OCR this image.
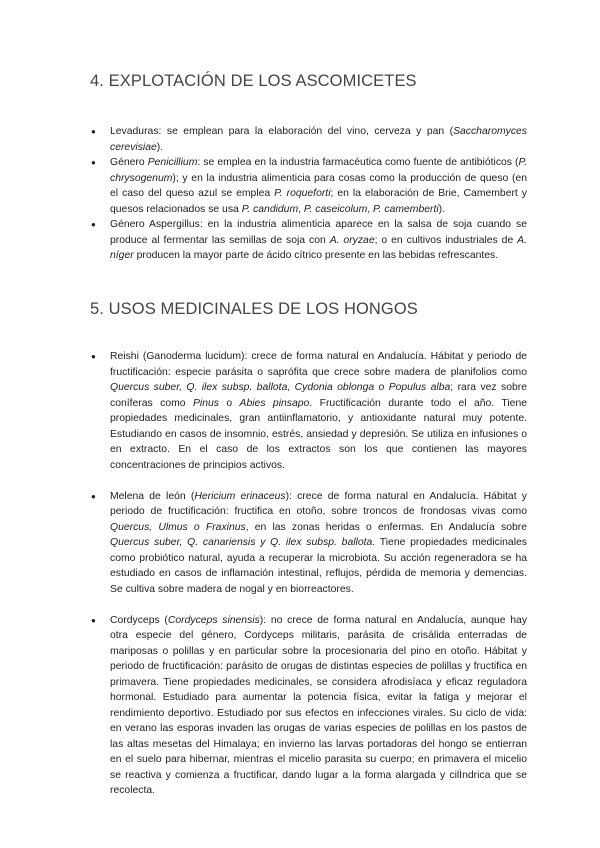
4. EXPLOTACIÓN DE LOS ASCOMICETES
● Levaduras: se emplean para la elaboración del vino, cerveza y pan (Saccharomyces cerevisiae).
● Género Penicillium: se emplea en la industria farmacéutica como fuente de antibióticos (P. chrysogenum); y en la industria alimenticia para cosas como la producción de queso (en el caso del queso azul se emplea P. roqueforti; en la elaboración de Brie, Camembert y quesos relacionados se usa P. candidum, P. caseicolum, P. camemberti).
● Género Aspergillus: en la industria alimenticia aparece en la salsa de soja cuando se produce al fermentar las semillas de soja con A. oryzae; o en cultivos industriales de A. níger producen la mayor parte de ácido cítrico presente en las bebidas refrescantes.
5. USOS MEDICINALES DE LOS HONGOS
● Reishi (Ganoderma lucidum): crece de forma natural en Andalucía. Hábitat y periodo de fructificación: especie parásita o saprófita que crece sobre madera de planifolios como Quercus suber, Q. ilex subsp. ballota, Cydonia oblonga o Populus alba; rara vez sobre coníferas como Pinus o Abies pinsapo. Fructificación durante todo el año. Tiene propiedades medicinales, gran antiinflamatorio, y antioxidante natural muy potente. Estudiando en casos de insomnio, estrés, ansiedad y depresión. Se utiliza en infusiones o en extracto. En el caso de los extractos son los que contienen las mayores concentraciones de principios activos.
● Melena de león (Hericium erinaceus): crece de forma natural en Andalucía. Hábitat y periodo de fructificación: fructifica en otoño, sobre troncos de frondosas vivas como Quercus, Ulmus o Fraxinus, en las zonas heridas o enfermas. En Andalucía sobre Quercus suber, Q. canariensis y Q. ilex subsp. ballota. Tiene propiedades medicinales como probiótico natural, ayuda a recuperar la microbiota. Su acción regeneradora se ha estudiado en casos de inflamación intestinal, reflujos, pérdida de memoria y demencias. Se cultiva sobre madera de nogal y en biorreactores.
● Cordyceps (Cordyceps sinensis): no crece de forma natural en Andalucía, aunque hay otra especie del género, Cordyceps militaris, parásita de crisálida enterradas de mariposas o polillas y en particular sobre la procesionaria del pino en otoño. Hábitat y periodo de fructificación: parásito de orugas de distintas especies de polillas y fructifica en primavera. Tiene propiedades medicinales, se considera afrodisíaca y eficaz reguladora hormonal. Estudiado para aumentar la potencia física, evitar la fatiga y mejorar el rendimiento deportivo. Estudiado por sus efectos en infecciones virales. Su ciclo de vida: en verano las esporas invaden las orugas de varias especies de polillas en los pastos de las altas mesetas del Himalaya; en invierno las larvas portadoras del hongo se entierran en el suelo para hibernar, mientras el micelio parasita su cuerpo; en primavera el micelio se reactiva y comienza a fructificar, dando lugar a la forma alargada y cilÌndrica que se recolecta.
